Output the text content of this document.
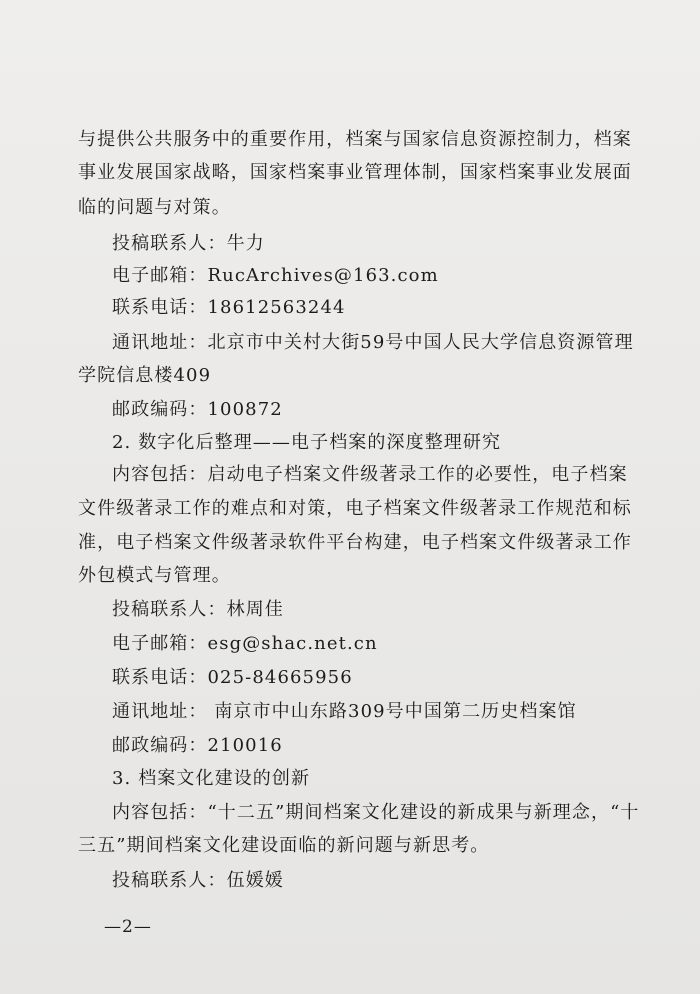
与提供公共服务中的重要作用，档案与国家信息资源控制力，档案
事业发展国家战略，国家档案事业管理体制，国家档案事业发展面
临的问题与对策。
投稿联系人：牛力
电子邮箱：RucArchives@163.com
联系电话：18612563244
通讯地址：北京市中关村大街59号中国人民大学信息资源管理
学院信息楼409
邮政编码：100872
2. 数字化后整理——电子档案的深度整理研究
内容包括：启动电子档案文件级著录工作的必要性，电子档案
文件级著录工作的难点和对策，电子档案文件级著录工作规范和标
准，电子档案文件级著录软件平台构建，电子档案文件级著录工作
外包模式与管理。
投稿联系人：林周佳
电子邮箱：esg@shac.net.cn
联系电话：025-84665956
通讯地址： 南京市中山东路309号中国第二历史档案馆
邮政编码：210016
3. 档案文化建设的创新
内容包括：“十二五”期间档案文化建设的新成果与新理念，“十
三五”期间档案文化建设面临的新问题与新思考。
投稿联系人：伍媛媛
—2—
